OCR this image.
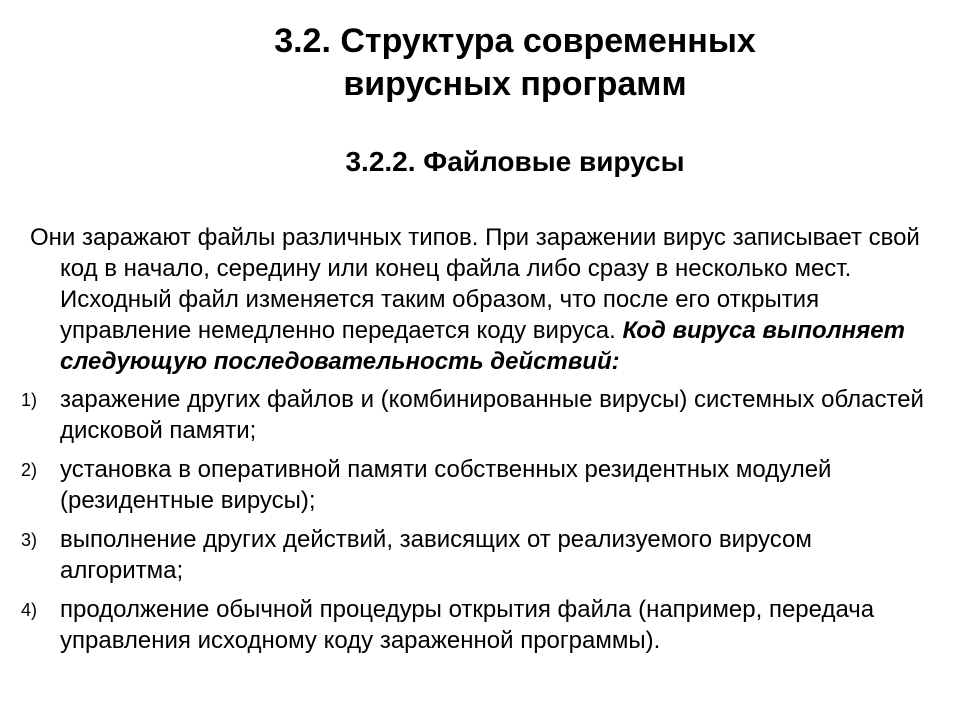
3.2. Структура современных
вирусных программ
3.2.2. Файловые вирусы

Они заражают файлы различных типов. При заражении вирус записывает свой код в начало, середину или конец файла либо сразу в несколько мест. Исходный файл изменяется таким образом, что после его открытия управление немедленно передается коду вируса. Код вируса выполняет следующую последовательность действий:

1) заражение других файлов и (комбинированные вирусы) системных областей дисковой памяти;
2) установка в оперативной памяти собственных резидентных модулей (резидентные вирусы);
3) выполнение других действий, зависящих от реализуемого вирусом алгоритма;
4) продолжение обычной процедуры открытия файла (например, передача управления исходному коду зараженной программы).
